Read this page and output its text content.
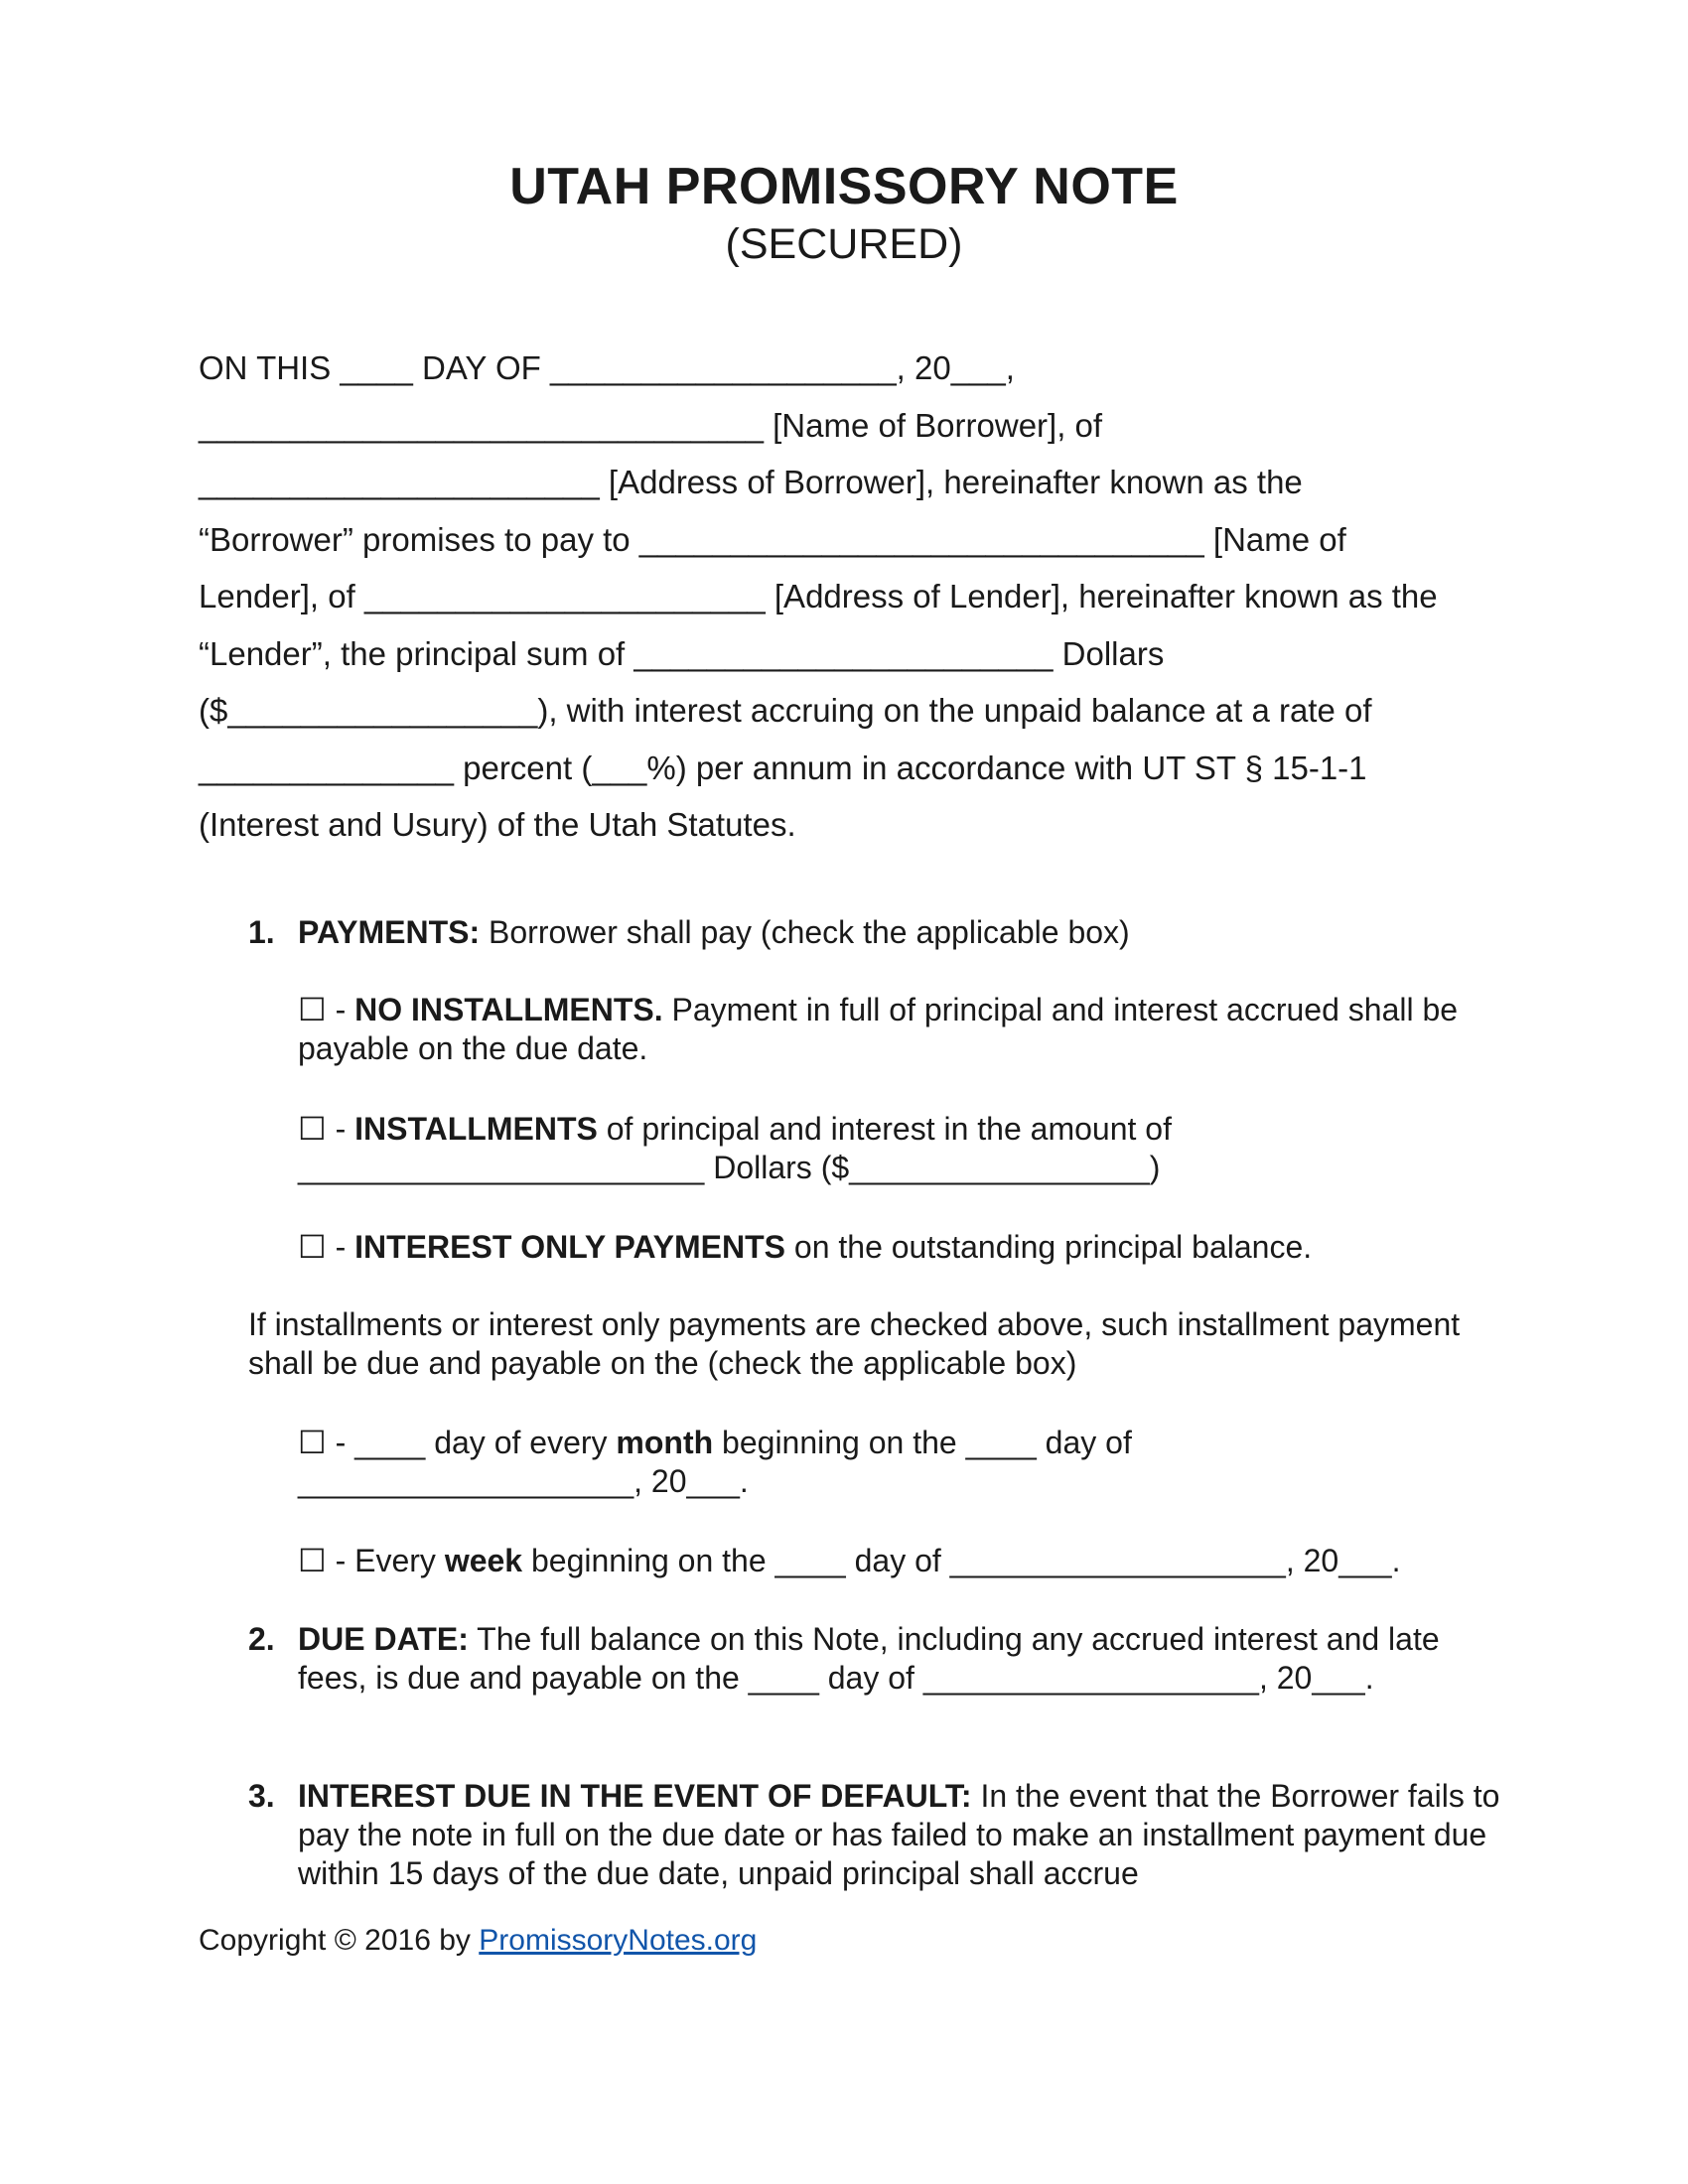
UTAH PROMISSORY NOTE
(SECURED)
ON THIS ____ DAY OF ___________________, 20___,
_______________________________ [Name of Borrower], of
______________________ [Address of Borrower], hereinafter known as the
“Borrower” promises to pay to _______________________________ [Name of
Lender], of ______________________ [Address of Lender], hereinafter known as the
“Lender”, the principal sum of _______________________ Dollars
($_________________), with interest accruing on the unpaid balance at a rate of
______________ percent (___%) per annum in accordance with UT ST § 15-1-1
(Interest and Usury) of the Utah Statutes.
1. PAYMENTS: Borrower shall pay (check the applicable box)
☐ - NO INSTALLMENTS. Payment in full of principal and interest accrued shall be payable on the due date.
☐ - INSTALLMENTS of principal and interest in the amount of
_______________________ Dollars ($_________________)
☐ - INTEREST ONLY PAYMENTS on the outstanding principal balance.
If installments or interest only payments are checked above, such installment payment shall be due and payable on the (check the applicable box)
☐ - ____ day of every month beginning on the ____ day of
___________________, 20___.
☐ - Every week beginning on the ____ day of ___________________, 20___.
2. DUE DATE: The full balance on this Note, including any accrued interest and late fees, is due and payable on the ____ day of ___________________, 20___.
3. INTEREST DUE IN THE EVENT OF DEFAULT: In the event that the Borrower fails to pay the note in full on the due date or has failed to make an installment payment due within 15 days of the due date, unpaid principal shall accrue
Copyright © 2016 by PromissoryNotes.org
